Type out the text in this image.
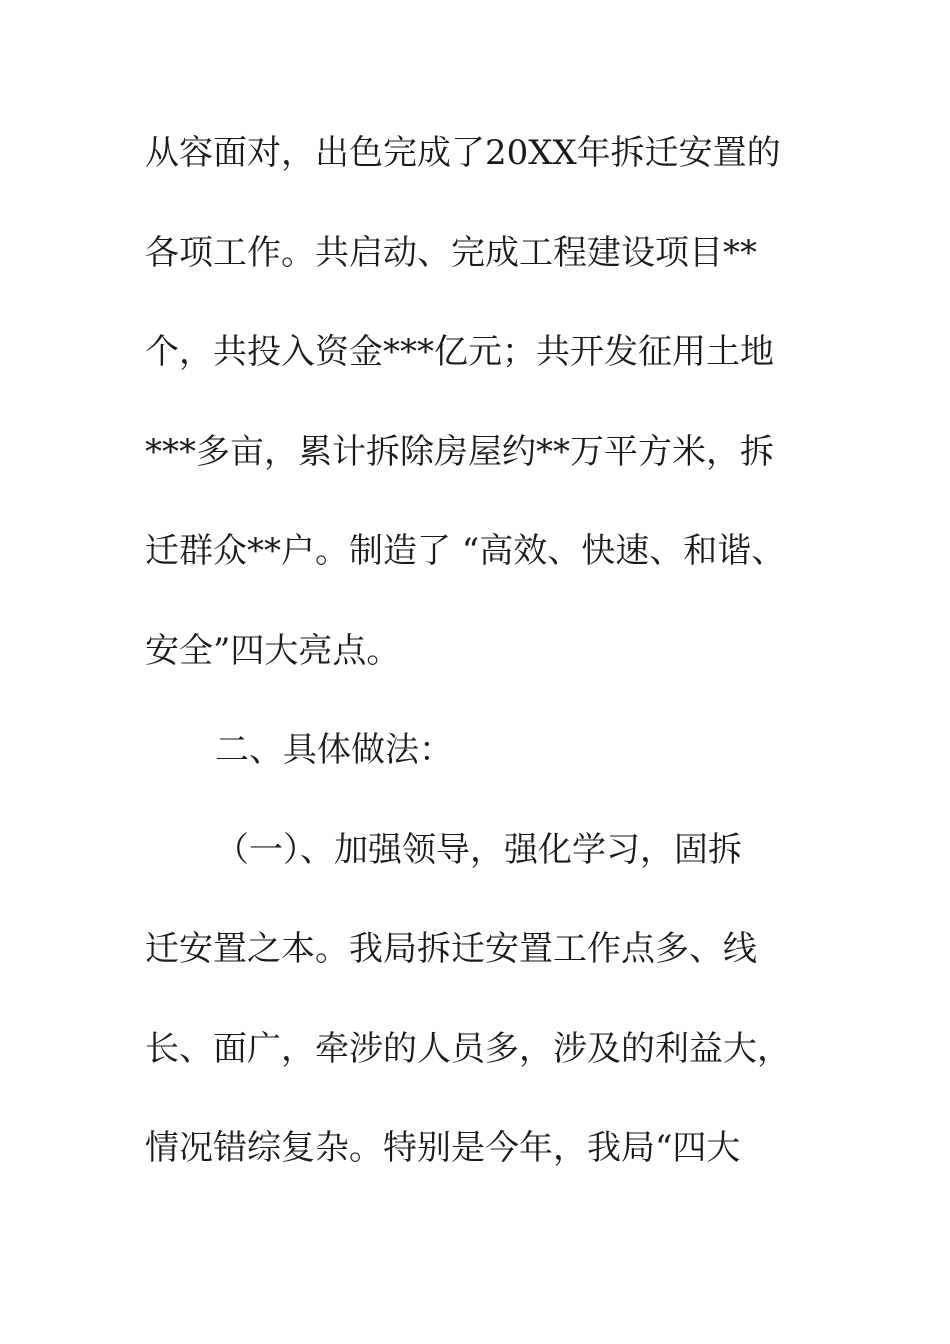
从容面对，出色完成了20XX年拆迁安置的

各项工作。共启动、完成工程建设项目**

个，共投入资金***亿元；共开发征用土地

***多亩，累计拆除房屋约**万平方米，拆

迁群众**户。制造了 “高效、快速、和谐、

安全”四大亮点。

二、具体做法：

（一）、加强领导，强化学习，固拆

迁安置之本。我局拆迁安置工作点多、线

长、面广，牵涉的人员多，涉及的利益大，

情况错综复杂。特别是今年，我局“四大
